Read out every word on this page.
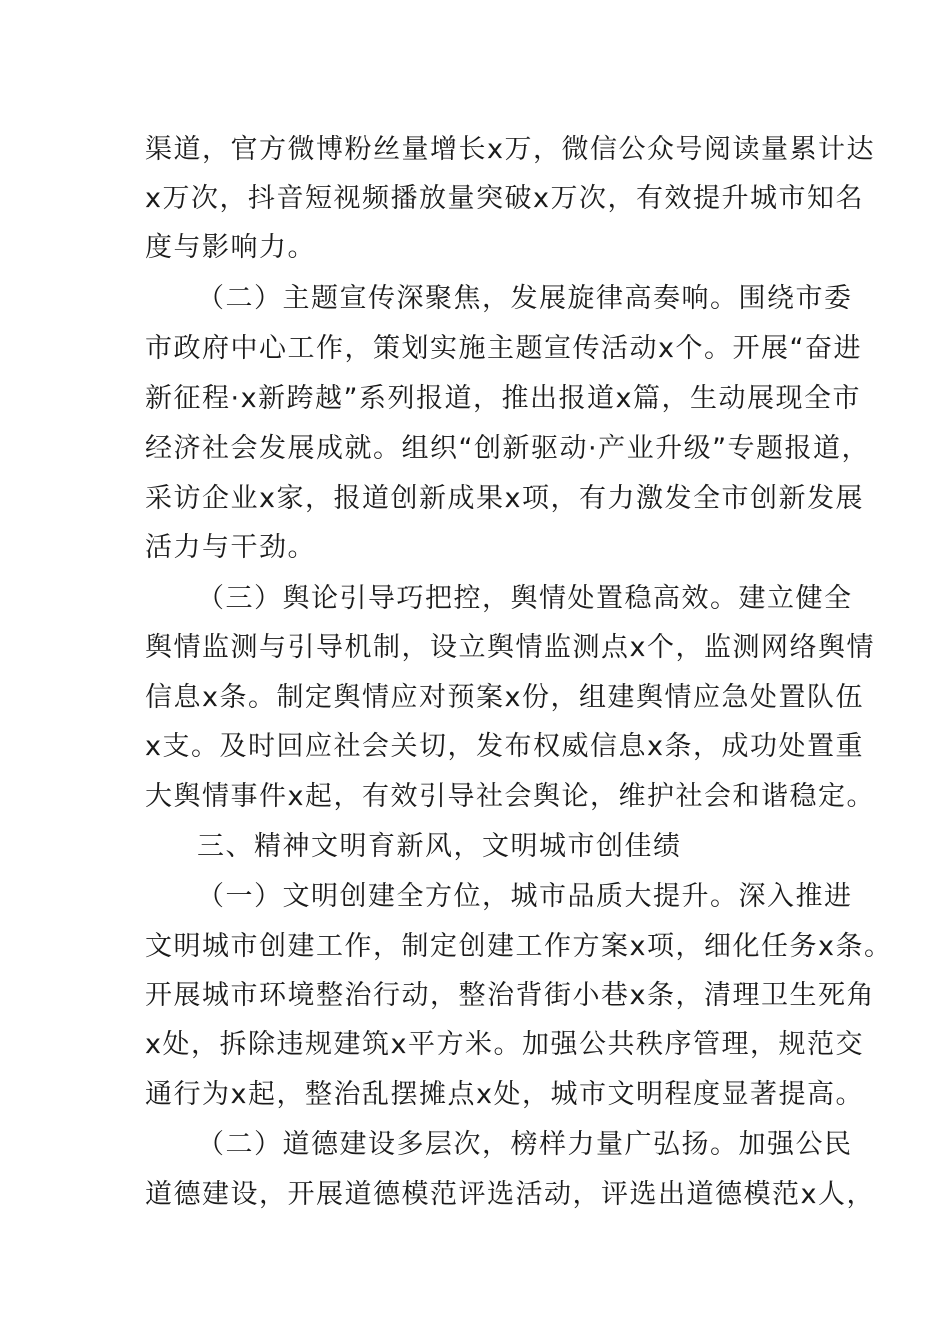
渠道，官方微博粉丝量增长x万，微信公众号阅读量累计达
x万次，抖音短视频播放量突破x万次，有效提升城市知名
度与影响力。
（二）主题宣传深聚焦，发展旋律高奏响。围绕市委
市政府中心工作，策划实施主题宣传活动x个。开展“奋进
新征程·x新跨越”系列报道，推出报道x篇，生动展现全市
经济社会发展成就。组织“创新驱动·产业升级”专题报道，
采访企业x家，报道创新成果x项，有力激发全市创新发展
活力与干劲。
（三）舆论引导巧把控，舆情处置稳高效。建立健全
舆情监测与引导机制，设立舆情监测点x个，监测网络舆情
信息x条。制定舆情应对预案x份，组建舆情应急处置队伍
x支。及时回应社会关切，发布权威信息x条，成功处置重
大舆情事件x起，有效引导社会舆论，维护社会和谐稳定。
三、精神文明育新风，文明城市创佳绩
（一）文明创建全方位，城市品质大提升。深入推进
文明城市创建工作，制定创建工作方案x项，细化任务x条。
开展城市环境整治行动，整治背街小巷x条，清理卫生死角
x处，拆除违规建筑x平方米。加强公共秩序管理，规范交
通行为x起，整治乱摆摊点x处，城市文明程度显著提高。
（二）道德建设多层次，榜样力量广弘扬。加强公民
道德建设，开展道德模范评选活动，评选出道德模范x人，
